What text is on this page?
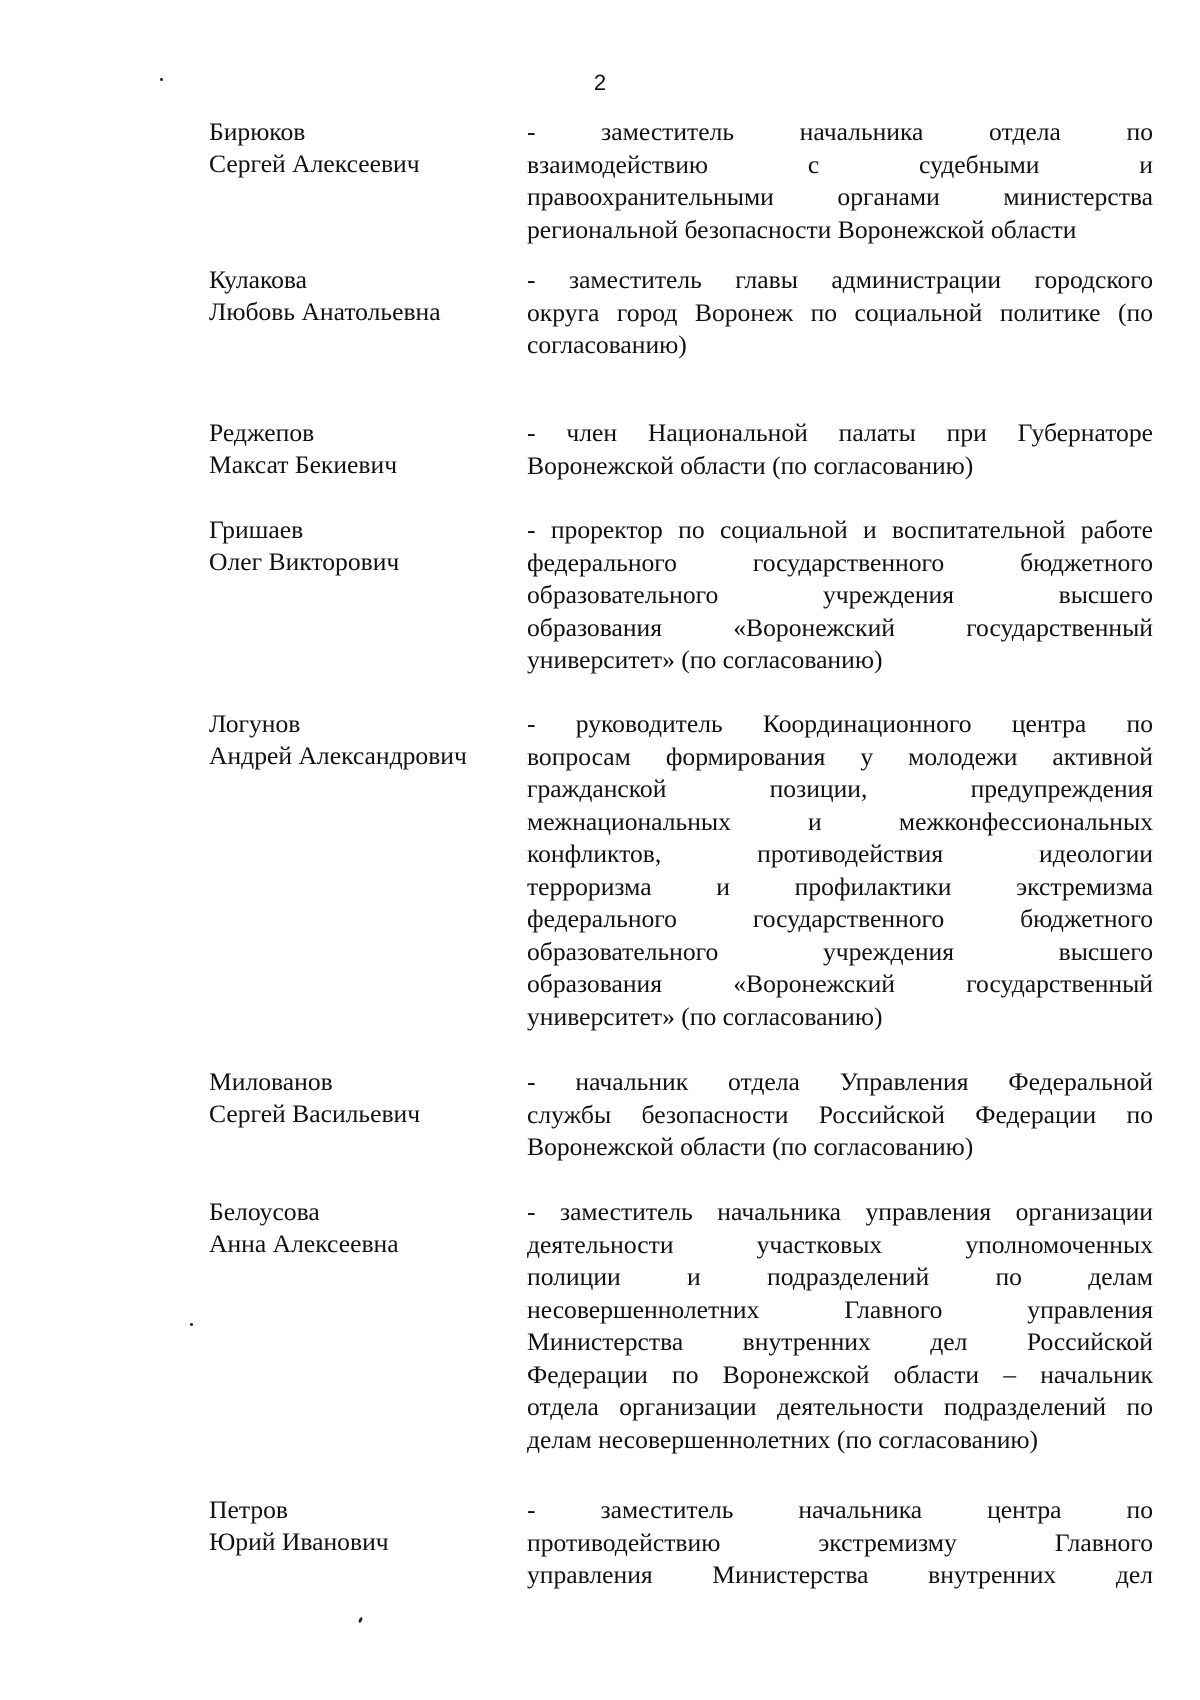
2
Бирюков
Сергей Алексеевич
- заместитель начальника отдела по
взаимодействию с судебными и
правоохранительными органами министерства
региональной безопасности Воронежской области
Кулакова
Любовь Анатольевна
- заместитель главы администрации городского
округа город Воронеж по социальной политике (по
согласованию)
Реджепов
Максат Бекиевич
- член Национальной палаты при Губернаторе
Воронежской области (по согласованию)
Гришаев
Олег Викторович
- проректор по социальной и воспитательной работе
федерального государственного бюджетного
образовательного учреждения высшего
образования «Воронежский государственный
университет» (по согласованию)
Логунов
Андрей Александрович
- руководитель Координационного центра по
вопросам формирования у молодежи активной
гражданской позиции, предупреждения
межнациональных и межконфессиональных
конфликтов, противодействия идеологии
терроризма и профилактики экстремизма
федерального государственного бюджетного
образовательного учреждения высшего
образования «Воронежский государственный
университет» (по согласованию)
Милованов
Сергей Васильевич
- начальник отдела Управления Федеральной
службы безопасности Российской Федерации по
Воронежской области (по согласованию)
Белоусова
Анна Алексеевна
- заместитель начальника управления организации
деятельности участковых уполномоченных
полиции и подразделений по делам
несовершеннолетних Главного управления
Министерства внутренних дел Российской
Федерации по Воронежской области – начальник
отдела организации деятельности подразделений по
делам несовершеннолетних (по согласованию)
Петров
Юрий Иванович
- заместитель начальника центра по
противодействию экстремизму Главного
управления Министерства внутренних дел
